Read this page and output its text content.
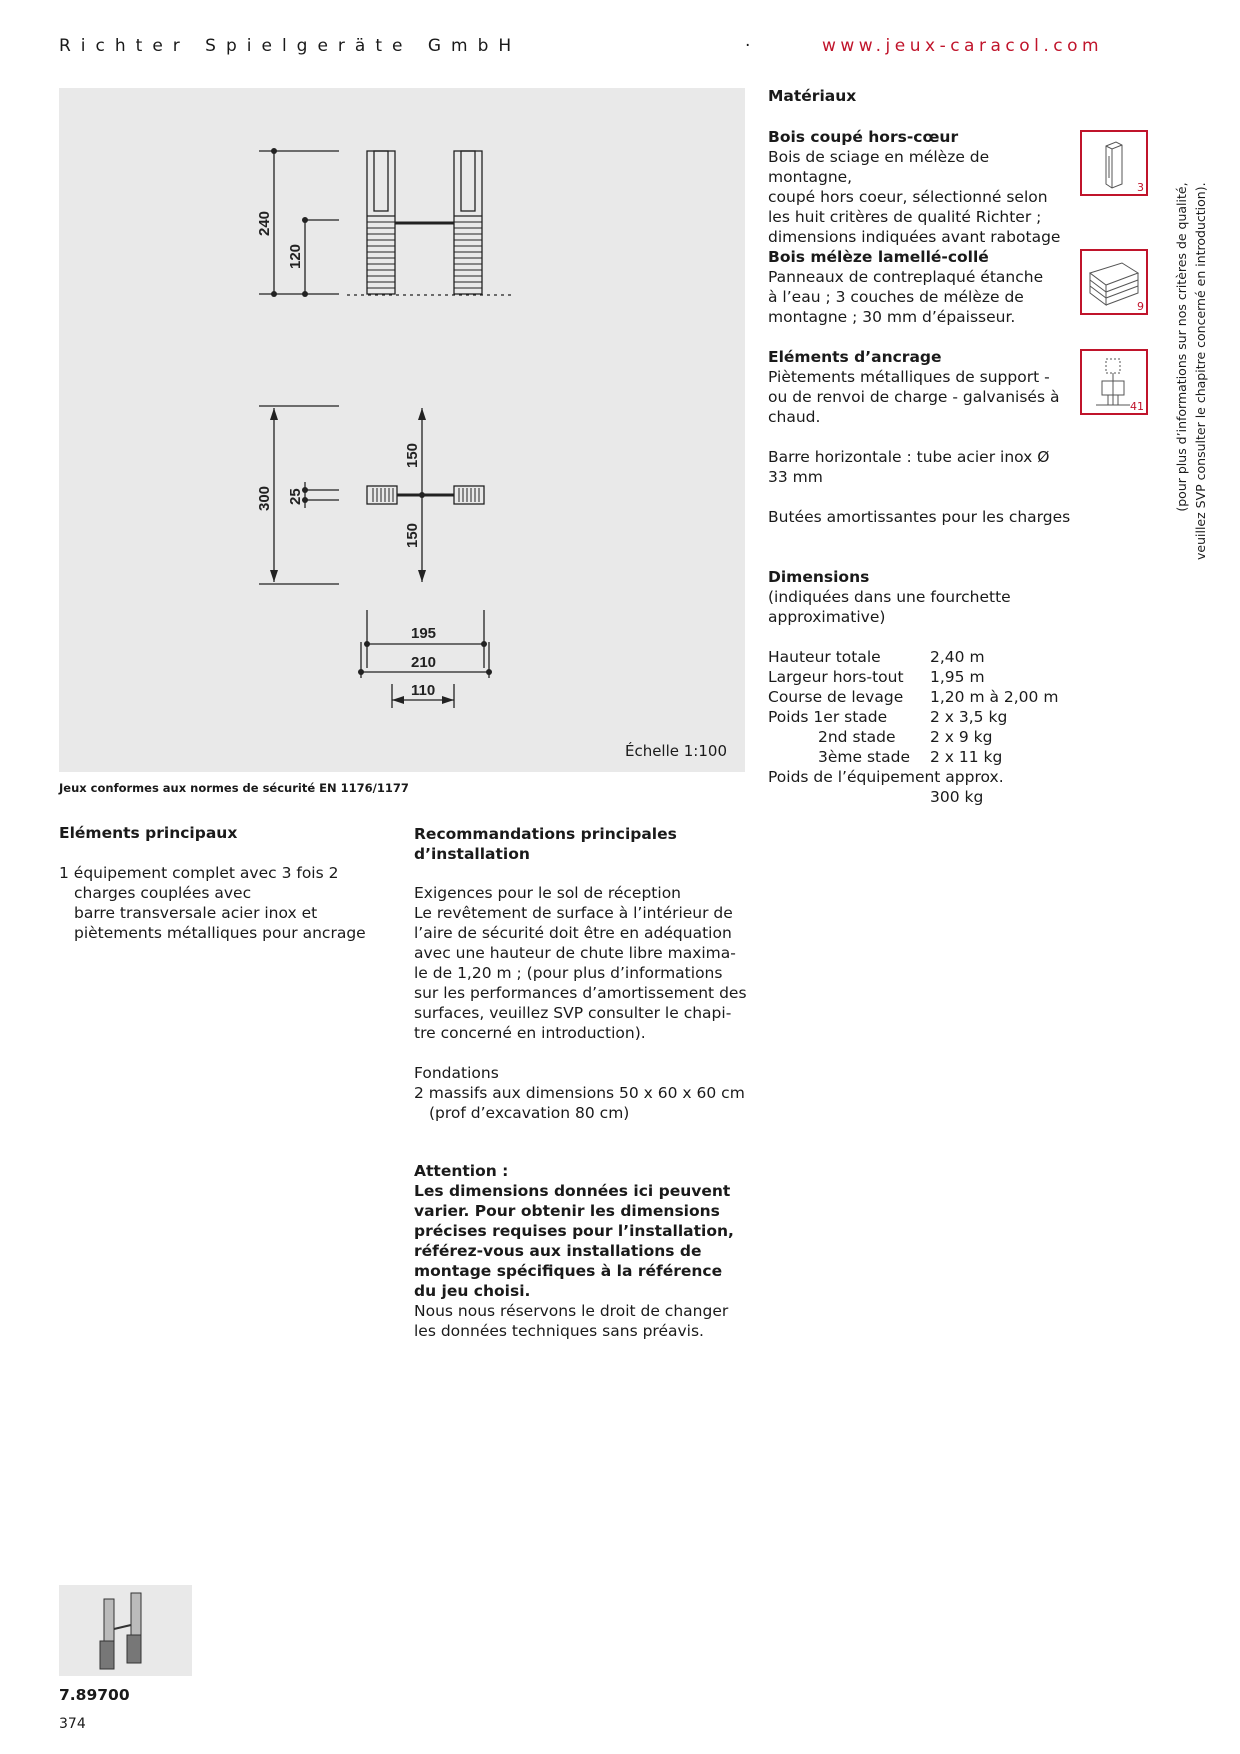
Richter Spielgeräte GmbH	·	www.jeux-caracol.com
240
120
300 25
150
150
195
210
110
Échelle 1:100
Jeux conformes aux normes de sécurité EN 1176/1177
Eléments principaux

1 équipement complet avec 3 fois 2

charges couplées avec

barre transversale acier inox et

piètements métalliques pour ancrage

Recommandations principales
d’installation

Exigences pour le sol de réception

Le revêtement de surface à l’intérieur de

l’aire de sécurité doit être en adéquation

avec une hauteur de chute libre maxima-

le de 1,20 m ; (pour plus d’informations

sur les performances d’amortissement des

surfaces, veuillez SVP consulter le chapi-

tre concerné en introduction).

Fondations

2 massifs aux dimensions 50 x 60 x 60 cm

(prof d’excavation 80 cm)

Attention :

Les dimensions données ici peuvent

varier. Pour obtenir les dimensions

précises requises pour l’installation,

référez-vous aux installations de

montage spécifiques à la référence

du jeu choisi.

Nous nous réservons le droit de changer

les données techniques sans préavis.

Matériaux

Bois coupé hors-cœur

Bois de sciage en mélèze de montagne,

coupé hors coeur, sélectionné selon

les huit critères de qualité Richter ;

dimensions indiquées avant rabotage

3

Bois mélèze lamellé-collé

Panneaux de contreplaqué étanche

à l’eau ; 3 couches de mélèze de

montagne ; 30 mm d’épaisseur.

9

Eléments d’ancrage

Piètements métalliques de support -

ou de renvoi de charge - galvanisés à

chaud.

Barre horizontale : tube acier inox Ø

33 mm

Butées amortissantes pour les charges

41 (pour plus d’informations sur nos critères de qualité, veuillez SVP consulter le chapitre concerné en introduction).

Dimensions

(indiquées dans une fourchette

approximative)

Hauteur totale	2,40 m
Largeur hors-tout	1,95 m
Course de levage	1,20 m à 2,00 m
Poids 1er stade	2 x 3,5 kg
2nd stade	2 x 9 kg
3ème stade	2 x 11 kg
Poids de l’équipement approx.	
	300 kg
7.89700
374
